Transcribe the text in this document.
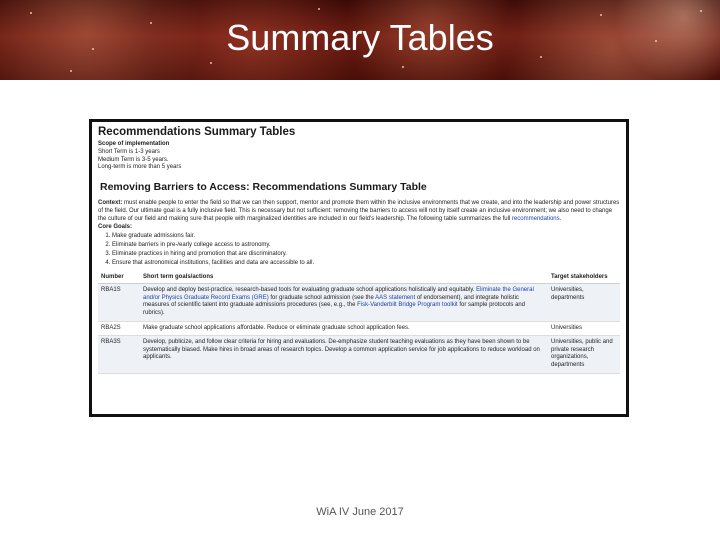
Summary Tables
Recommendations Summary Tables
Scope of implementation
Short Term is 1-3 years
Medium Term is 3-5 years.
Long-term is more than 5 years
Removing Barriers to Access: Recommendations Summary Table
Context: must enable people to enter the field so that we can then support, mentor and promote them within the inclusive environments that we create, and into the leadership and power structures of the field. Our ultimate goal is a fully inclusive field. This is necessary but not sufficient: removing the barriers to access will not by itself create an inclusive environment; we also need to change the culture of our field and making sure that people with marginalized identities are included in our field's leadership. The following table summarizes the full recommendations.
Core Goals:
1. Make graduate admissions fair.
2. Eliminate barriers in pre-/early college access to astronomy.
3. Eliminate practices in hiring and promotion that are discriminatory.
4. Ensure that astronomical institutions, facilities and data are accessible to all.
Number	Short term goals/actions	Target stakeholders
RBA1S	Develop and deploy best-practice, research-based tools for evaluating graduate school applications holistically and equitably. Eliminate the General and/or Physics Graduate Record Exams (GRE) for graduate school admission (see the AAS statement of endorsement), and integrate holistic measures of scientific talent into graduate admissions procedures (see, e.g., the Fisk-Vanderbilt Bridge Program toolkit for sample protocols and rubrics).	Universities, departments
RBA2S	Make graduate school applications affordable. Reduce or eliminate graduate school application fees.	Universities
RBA3S	Develop, publicize, and follow clear criteria for hiring and evaluations. De-emphasize student teaching evaluations as they have been shown to be systematically biased. Make hires in broad areas of research topics. Develop a common application service for job applications to reduce workload on applicants.	Universities, public and private research organizations, departments
WiA IV June 2017
